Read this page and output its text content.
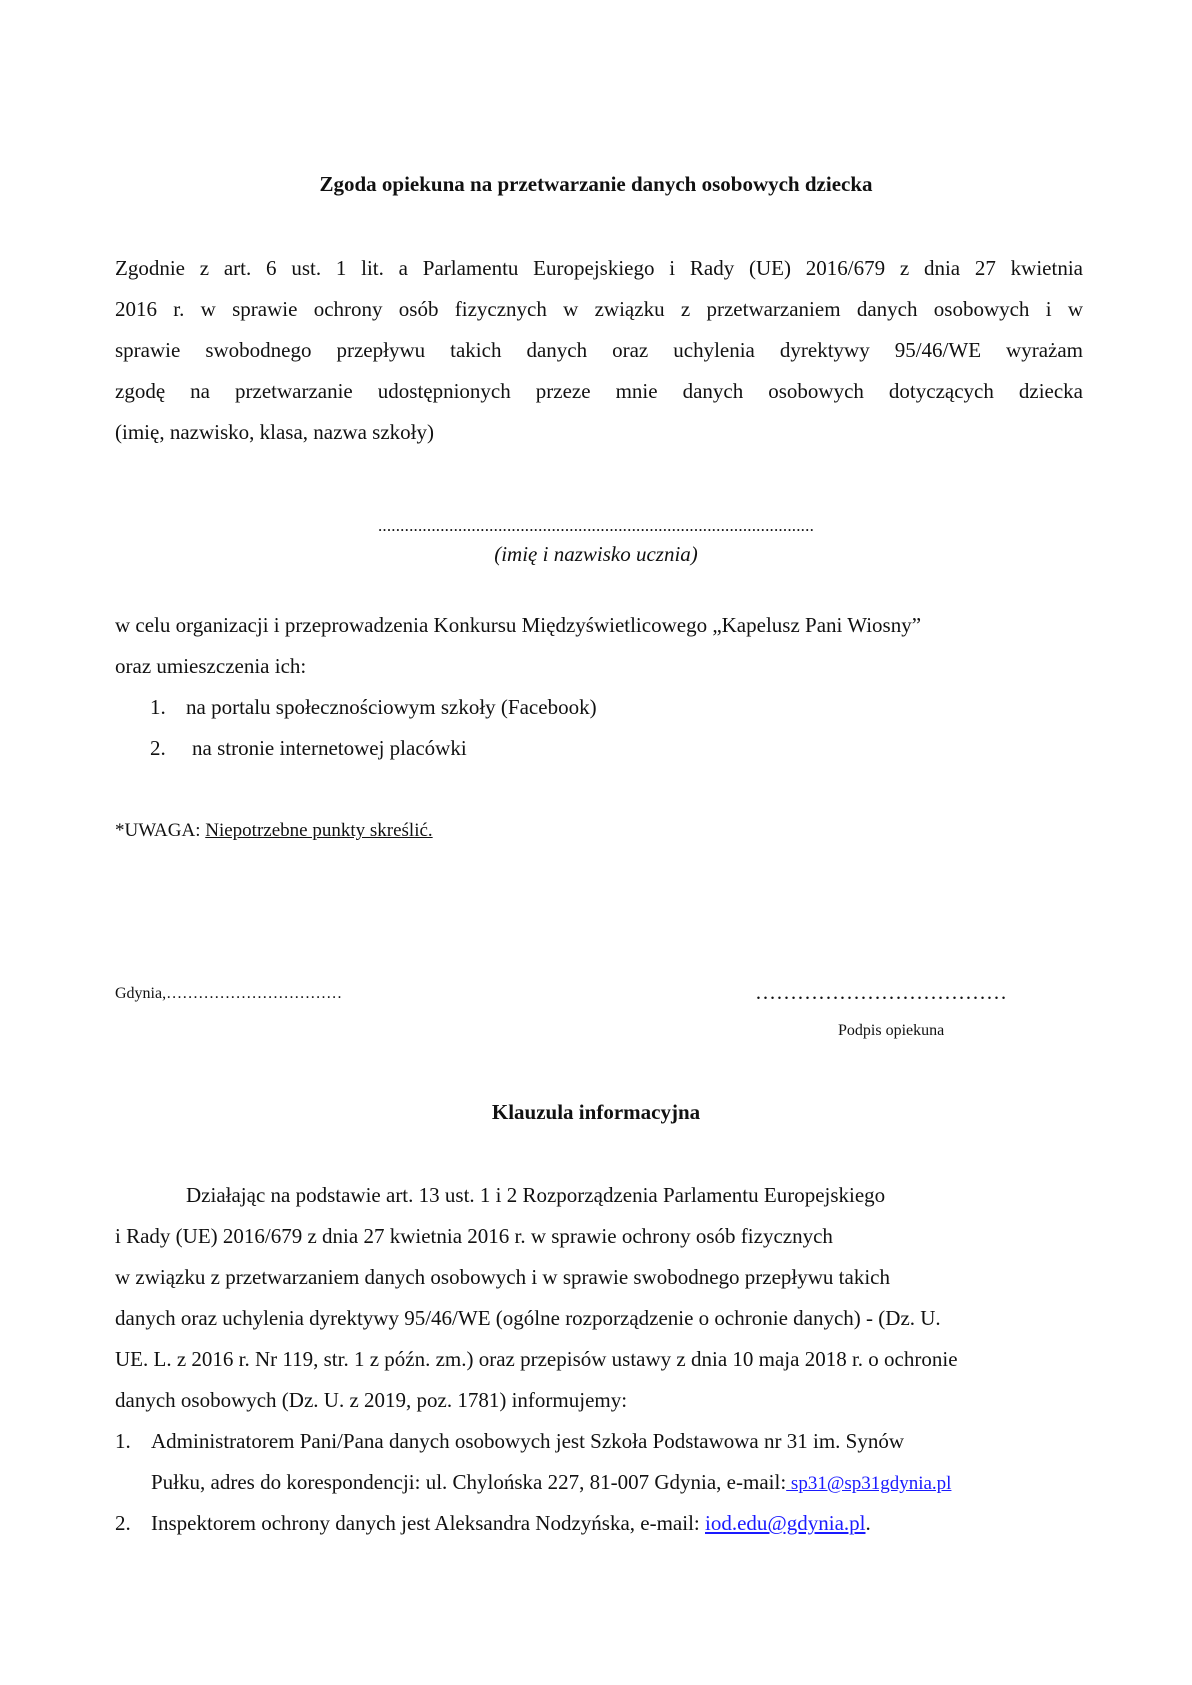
Zgoda opiekuna na przetwarzanie danych osobowych dziecka
Zgodnie z art. 6 ust. 1 lit. a Parlamentu Europejskiego i Rady (UE) 2016/679 z dnia 27 kwietnia
2016 r. w sprawie ochrony osób fizycznych w związku z przetwarzaniem danych osobowych i w
sprawie swobodnego przepływu takich danych oraz uchylenia dyrektywy 95/46/WE wyrażam
zgodę na przetwarzanie udostępnionych przeze mnie danych osobowych dotyczących dziecka
(imię, nazwisko, klasa, nazwa szkoły)
..................................................................................................
(imię i nazwisko ucznia)
w celu organizacji i przeprowadzenia Konkursu Międzyświetlicowego „Kapelusz Pani Wiosny”
oraz umieszczenia ich:
1. na portalu społecznościowym szkoły (Facebook)
2. na stronie internetowej placówki
*UWAGA: Niepotrzebne punkty skreślić.
Gdynia,……………………………	………………………………
Podpis opiekuna
Klauzula informacyjna
Działając na podstawie art. 13 ust. 1 i 2 Rozporządzenia Parlamentu Europejskiego
i Rady (UE) 2016/679 z dnia 27 kwietnia 2016 r. w sprawie ochrony osób fizycznych
w związku z przetwarzaniem danych osobowych i w sprawie swobodnego przepływu takich
danych oraz uchylenia dyrektywy 95/46/WE (ogólne rozporządzenie o ochronie danych) - (Dz. U.
UE. L. z 2016 r. Nr 119, str. 1 z późn. zm.) oraz przepisów ustawy z dnia 10 maja 2018 r. o ochronie
danych osobowych (Dz. U. z 2019, poz. 1781) informujemy:
1. Administratorem Pani/Pana danych osobowych jest Szkoła Podstawowa nr 31 im. Synów
Pułku, adres do korespondencji: ul. Chylońska 227, 81-007 Gdynia, e-mail: sp31@sp31gdynia.pl
2. Inspektorem ochrony danych jest Aleksandra Nodzyńska, e-mail: iod.edu@gdynia.pl.
